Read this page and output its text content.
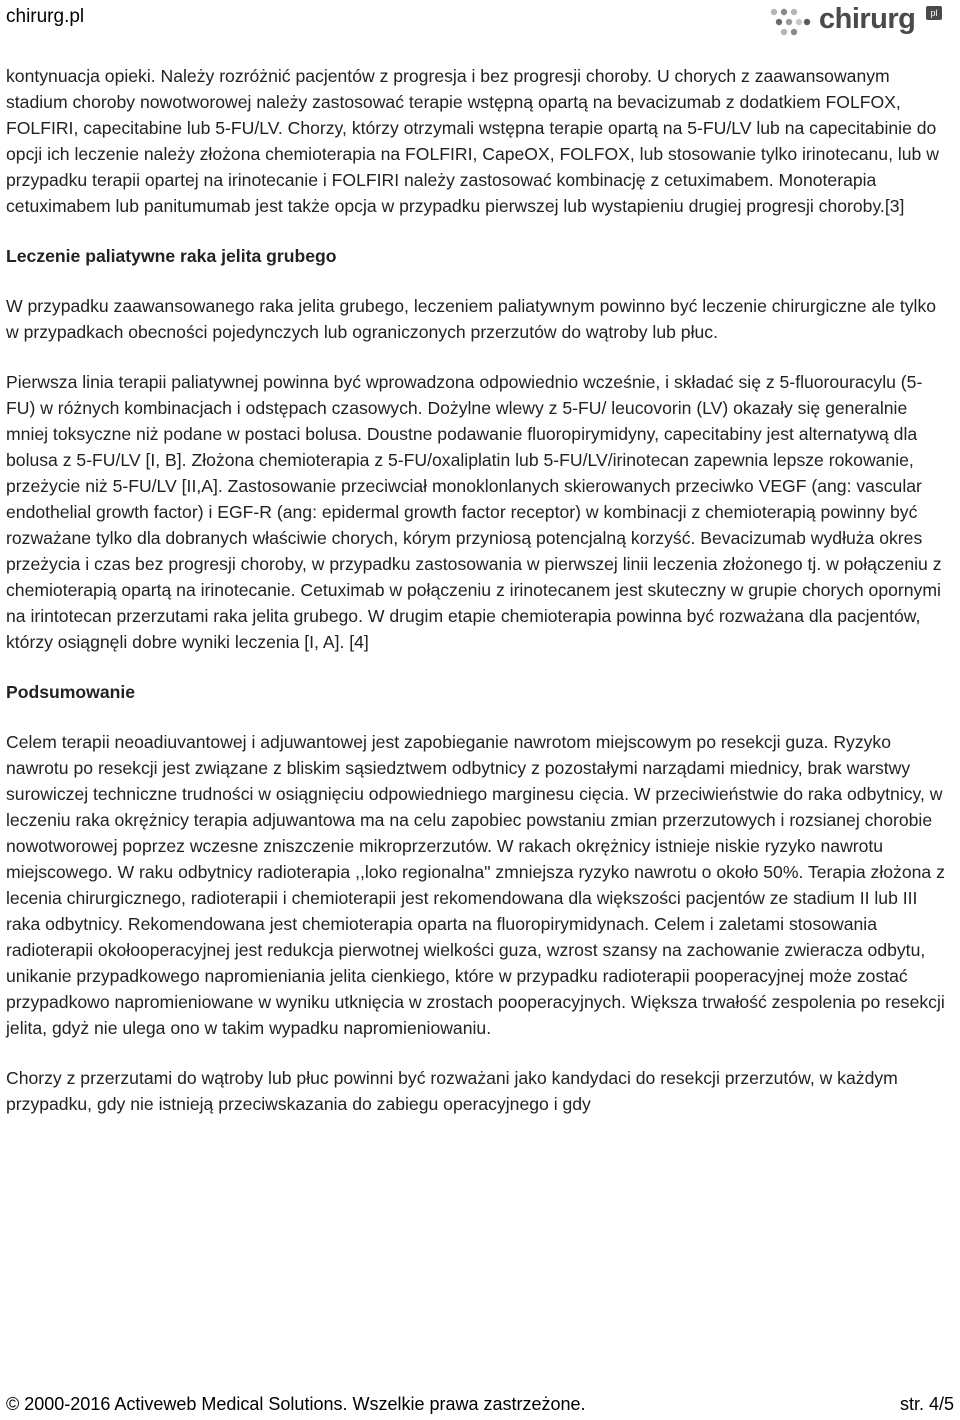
chirurg.pl	chirurg	pl

kontynuacja opieki. Należy rozróżnić pacjentów z progresja i bez progresji choroby. U chorych z zaawansowanym stadium choroby nowotworowej należy zastosować terapie wstępną opartą na bevacizumab z dodatkiem FOLFOX, FOLFIRI, capecitabine lub 5-FU/LV. Chorzy, którzy otrzymali wstępna terapie opartą na 5-FU/LV lub na capecitabinie do opcji ich leczenie należy złożona chemioterapia na FOLFIRI, CapeOX, FOLFOX, lub stosowanie tylko irinotecanu, lub w przypadku terapii opartej na irinotecanie i FOLFIRI należy zastosować kombinację z cetuximabem. Monoterapia cetuximabem lub panitumumab jest także opcja w przypadku pierwszej lub wystapieniu drugiej progresji choroby.[3]

Leczenie paliatywne raka jelita grubego

W przypadku zaawansowanego raka jelita grubego, leczeniem paliatywnym powinno być leczenie chirurgiczne ale tylko w przypadkach obecności pojedynczych lub ograniczonych przerzutów do wątroby lub płuc.

Pierwsza linia terapii paliatywnej powinna być wprowadzona odpowiednio wcześnie, i składać się z 5-fluorouracylu (5-FU) w różnych kombinacjach i odstępach czasowych. Dożylne wlewy z 5-FU/ leucovorin (LV) okazały się generalnie mniej toksyczne niż podane w postaci bolusa. Doustne podawanie fluoropirymidyny, capecitabiny jest alternatywą dla bolusa z 5-FU/LV [I, B]. Złożona chemioterapia z 5-FU/oxaliplatin lub 5-FU/LV/irinotecan zapewnia lepsze rokowanie, przeżycie niż 5-FU/LV [II,A]. Zastosowanie przeciwciał monoklonlanych skierowanych przeciwko VEGF (ang: vascular endothelial growth factor) i EGF-R (ang: epidermal growth factor receptor) w kombinacji z chemioterapią powinny być rozważane tylko dla dobranych właściwie chorych, kórym przyniosą potencjalną korzyść. Bevacizumab wydłuża okres przeżycia i czas bez progresji choroby, w przypadku zastosowania w pierwszej linii leczenia złożonego tj. w połączeniu z chemioterapią opartą na irinotecanie. Cetuximab w połączeniu z irinotecanem jest skuteczny w grupie chorych opornymi na irintotecan przerzutami raka jelita grubego. W drugim etapie chemioterapia powinna być rozważana dla pacjentów, którzy osiągnęli dobre wyniki leczenia [I, A]. [4]

Podsumowanie

Celem terapii neoadiuvantowej i adjuwantowej jest zapobieganie nawrotom miejscowym po resekcji guza. Ryzyko nawrotu po resekcji jest związane z bliskim sąsiedztwem odbytnicy z pozostałymi narządami miednicy, brak warstwy surowiczej techniczne trudności w osiągnięciu odpowiedniego marginesu cięcia. W przeciwieństwie do raka odbytnicy, w leczeniu raka okrężnicy terapia adjuwantowa ma na celu zapobiec powstaniu zmian przerzutowych i rozsianej chorobie nowotworowej poprzez wczesne zniszczenie mikroprzerzutów. W rakach okrężnicy istnieje niskie ryzyko nawrotu miejscowego. W raku odbytnicy radioterapia ,,loko regionalna" zmniejsza ryzyko nawrotu o około 50%. Terapia złożona z lecenia chirurgicznego, radioterapii i chemioterapii jest rekomendowana dla większości pacjentów ze stadium II lub III raka odbytnicy. Rekomendowana jest chemioterapia oparta na fluoropirymidynach. Celem i zaletami stosowania radioterapii okołooperacyjnej jest redukcja pierwotnej wielkości guza, wzrost szansy na zachowanie zwieracza odbytu, unikanie przypadkowego napromieniania jelita cienkiego, które w przypadku radioterapii pooperacyjnej może zostać przypadkowo napromieniowane w wyniku utknięcia w zrostach pooperacyjnych. Większa trwałość zespolenia po resekcji jelita, gdyż nie ulega ono w takim wypadku napromieniowaniu.

Chorzy z przerzutami do wątroby lub płuc powinni być rozważani jako kandydaci do resekcji przerzutów, w każdym przypadku, gdy nie istnieją przeciwskazania do zabiegu operacyjnego i gdy

© 2000-2016 Activeweb Medical Solutions. Wszelkie prawa zastrzeżone.	str. 4/5
